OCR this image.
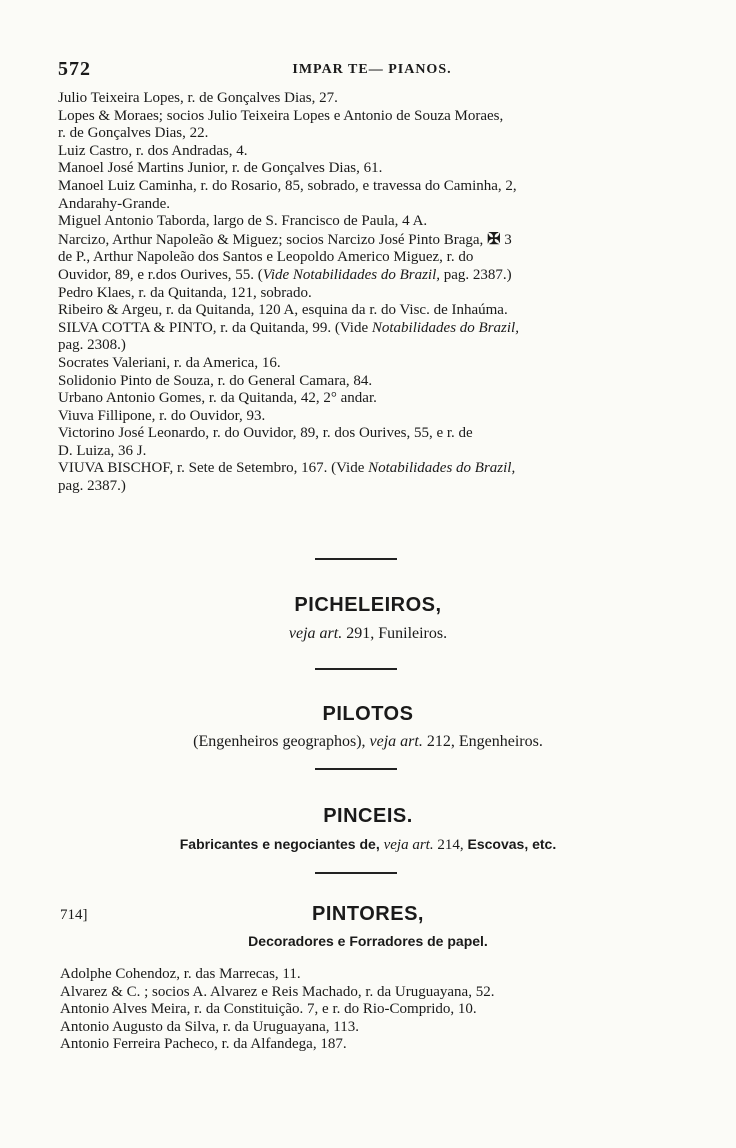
572	IMPAR TE— PIANOS.
Julio Teixeira Lopes, r. de Gonçalves Dias, 27.
Lopes & Moraes; socios Julio Teixeira Lopes e Antonio de Souza Moraes,
r. de Gonçalves Dias, 22.
Luiz Castro, r. dos Andradas, 4.
Manoel José Martins Junior, r. de Gonçalves Dias, 61.
Manoel Luiz Caminha, r. do Rosario, 85, sobrado, e travessa do Caminha, 2,
Andarahy-Grande.
Miguel Antonio Taborda, largo de S. Francisco de Paula, 4 A.
Narcizo, Arthur Napoleão & Miguez; socios Narcizo José Pinto Braga, ✠ 3
de P., Arthur Napoleão dos Santos e Leopoldo Americo Miguez, r. do
Ouvidor, 89, e r.dos Ourives, 55. (Vide Notabilidades do Brazil, pag. 2387.)
Pedro Klaes, r. da Quitanda, 121, sobrado.
Ribeiro & Argeu, r. da Quitanda, 120 A, esquina da r. do Visc. de Inhaúma.
SILVA COTTA & PINTO, r. da Quitanda, 99. (Vide Notabilidades do Brazil,
pag. 2308.)
Socrates Valeriani, r. da America, 16.
Solidonio Pinto de Souza, r. do General Camara, 84.
Urbano Antonio Gomes, r. da Quitanda, 42, 2° andar.
Viuva Fillipone, r. do Ouvidor, 93.
Victorino José Leonardo, r. do Ouvidor, 89, r. dos Ourives, 55, e r. de
D. Luiza, 36 J.
VIUVA BISCHOF, r. Sete de Setembro, 167. (Vide Notabilidades do Brazil,
pag. 2387.)
PICHELEIROS,
veja art. 291, Funileiros.
PILOTOS
(Engenheiros geographos), veja art. 212, Engenheiros.
PINCEIS.
Fabricantes e negociantes de, veja art. 214, Escovas, etc.
714]	PINTORES,
Decoradores e Forradores de papel.
Adolphe Cohendoz, r. das Marrecas, 11.
Alvarez & C. ; socios A. Alvarez e Reis Machado, r. da Uruguayana, 52.
Antonio Alves Meira, r. da Constituição. 7, e r. do Rio-Comprido, 10.
Antonio Augusto da Silva, r. da Uruguayana, 113.
Antonio Ferreira Pacheco, r. da Alfandega, 187.
